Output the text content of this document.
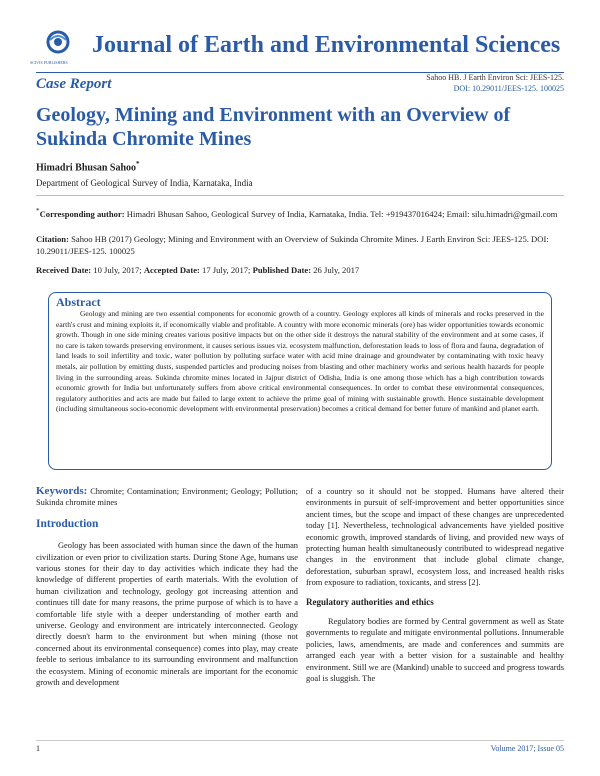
SCIVIS PUBLISHERS
Journal of Earth and Environmental Sciences
Case Report	Sahoo HB. J Earth Environ Sci: JEES-125.
DOI: 10.29011/JEES-125. 100025
Geology, Mining and Environment with an Overview of Sukinda Chromite Mines
Himadri Bhusan Sahoo*
Department of Geological Survey of India, Karnataka, India
*Corresponding author: Himadri Bhusan Sahoo, Geological Survey of India, Karnataka, India. Tel: +919437016424; Email: silu.himadri@gmail.com
Citation: Sahoo HB (2017) Geology; Mining and Environment with an Overview of Sukinda Chromite Mines. J Earth Environ Sci: JEES-125. DOI: 10.29011/JEES-125. 100025
Received Date: 10 July, 2017; Accepted Date: 17 July, 2017; Published Date: 26 July, 2017
Abstract
Geology and mining are two essential components for economic growth of a country. Geology explores all kinds of minerals and rocks preserved in the earth's crust and mining exploits it, if economically viable and profitable. A country with more economic minerals (ore) has wider opportunities towards economic growth. Though in one side mining creates various positive impacts but on the other side it destroys the natural stability of the environment and at some cases, if no care is taken towards preserving environment, it causes serious issues viz. ecosystem malfunction, deforestation leads to loss of flora and fauna, degradation of land leads to soil infertility and toxic, water pollution by polluting surface water with acid mine drainage and groundwater by contaminating with toxic heavy metals, air pollution by emitting dusts, suspended particles and producing noises from blasting and other machinery works and serious health hazards for people living in the surrounding areas. Sukinda chromite mines located in Jajpur district of Odisha, India is one among those which has a high contribution towards economic growth for India but unfortunately suffers from above critical environmental consequences. In order to combat these environmental consequences, regulatory authorities and acts are made but failed to large extent to achieve the prime goal of mining with sustainable growth. Hence sustainable development (including simultaneous socio-economic development with environmental preservation) becomes a critical demand for better future of mankind and planet earth.
Keywords: Chromite; Contamination; Environment; Geology; Pollution; Sukinda chromite mines
Introduction
Geology has been associated with human since the dawn of the human civilization or even prior to civilization starts. During Stone Age, humans use various stones for their day to day activities which indicate they had the knowledge of different properties of earth materials. With the evolution of human civilization and technology, geology got increasing attention and continues till date for many reasons, the prime purpose of which is to have a comfortable life style with a deeper understanding of mother earth and universe. Geology and environment are intricately interconnected. Geology directly doesn't harm to the environment but when mining (those not concerned about its environmental consequence) comes into play, may create feeble to serious imbalance to its surrounding environment and malfunction the ecosystem. Mining of economic minerals are important for the economic growth and development
of a country so it should not be stopped. Humans have altered their environments in pursuit of self-improvement and better opportunities since ancient times, but the scope and impact of these changes are unprecedented today [1]. Nevertheless, technological advancements have yielded positive economic growth, improved standards of living, and provided new ways of protecting human health simultaneously contributed to widespread negative changes in the environment that include global climate change, deforestation, suburban sprawl, ecosystem loss, and increased health risks from exposure to radiation, toxicants, and stress [2].
Regulatory authorities and ethics
Regulatory bodies are formed by Central government as well as State governments to regulate and mitigate environmental pollutions. Innumerable policies, laws, amendments, are made and conferences and summits are arranged each year with a better vision for a sustainable and healthy environment. Still we are (Mankind) unable to succeed and progress towards goal is sluggish. The
1	Volume 2017; Issue 05
